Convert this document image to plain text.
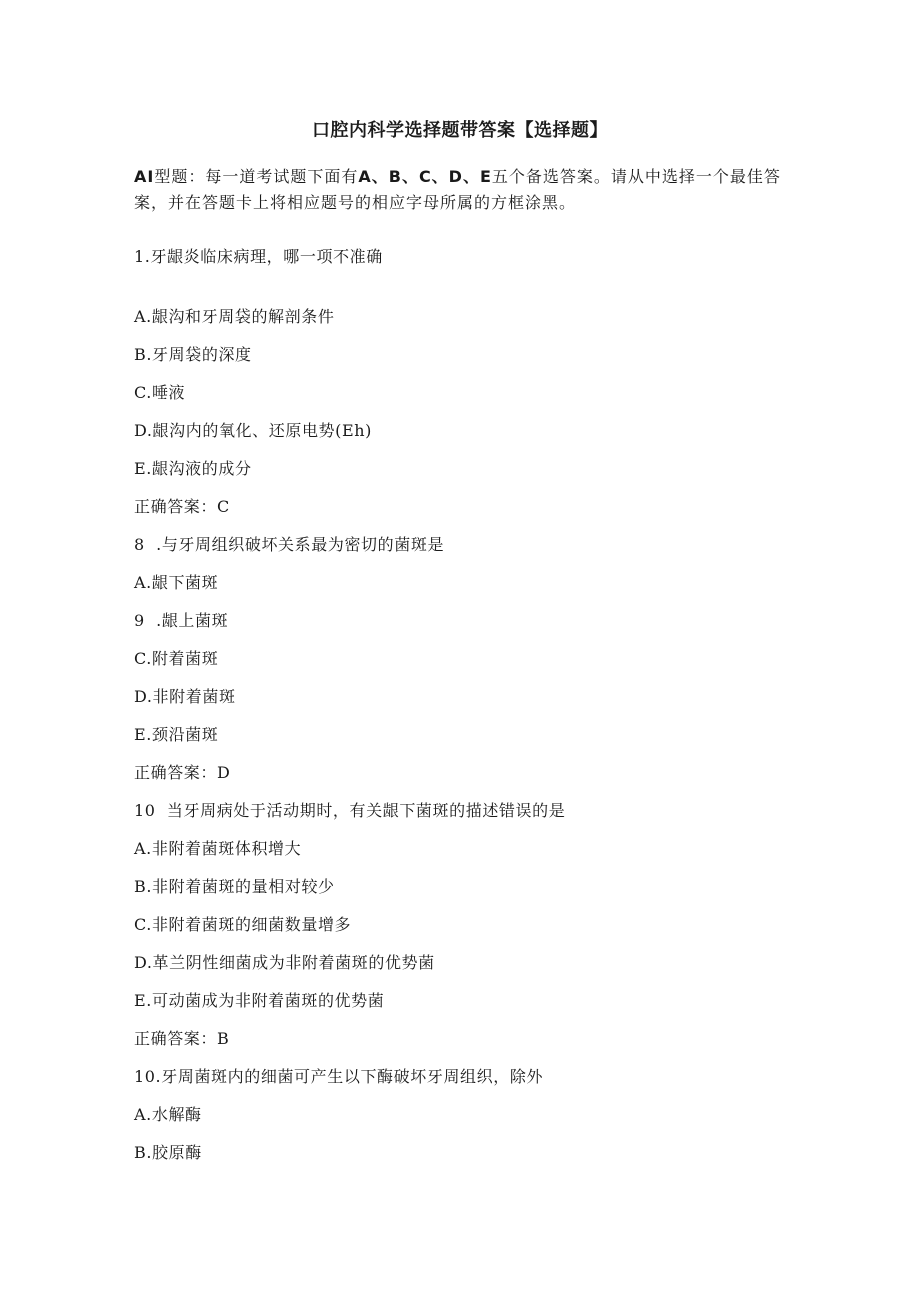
口腔内科学选择题带答案【选择题】
AI型题：每一道考试题下面有A、B、C、D、E五个备选答案。请从中选择一个最佳答案，并在答题卡上将相应题号的相应字母所属的方框涂黑。
1.牙龈炎临床病理，哪一项不准确
A.龈沟和牙周袋的解剖条件
B.牙周袋的深度
C.唾液
D.龈沟内的氧化、还原电势(Eh)
E.龈沟液的成分
正确答案：C
8  .与牙周组织破坏关系最为密切的菌斑是
A.龈下菌斑
9  .龈上菌斑
C.附着菌斑
D.非附着菌斑
E.颈沿菌斑
正确答案：D
10  当牙周病处于活动期时，有关龈下菌斑的描述错误的是
A.非附着菌斑体积增大
B.非附着菌斑的量相对较少
C.非附着菌斑的细菌数量增多
D.革兰阴性细菌成为非附着菌斑的优势菌
E.可动菌成为非附着菌斑的优势菌
正确答案：B
10.牙周菌斑内的细菌可产生以下酶破坏牙周组织，除外
A.水解酶
B.胶原酶
